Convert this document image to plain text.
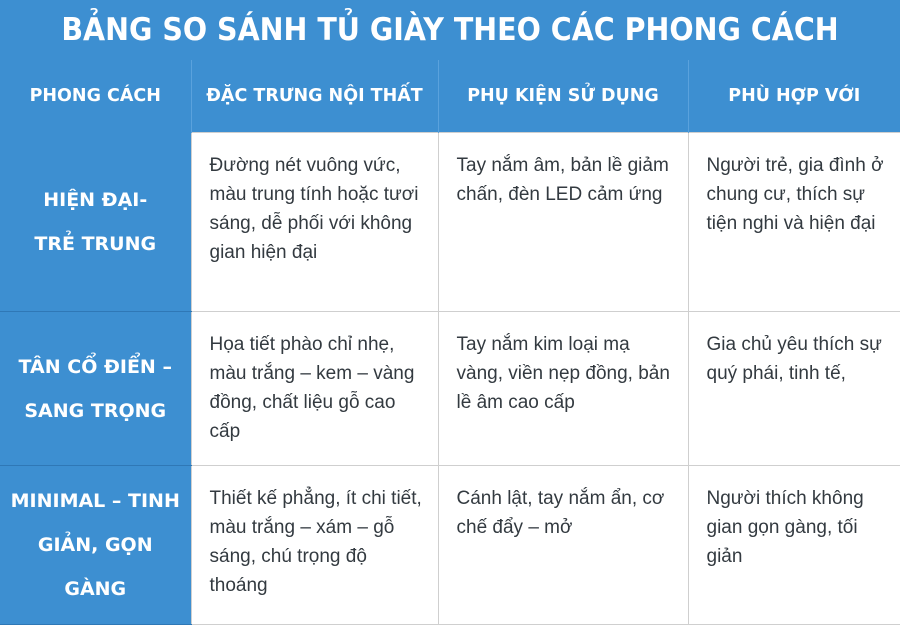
BẢNG SO SÁNH TỦ GIÀY THEO CÁC PHONG CÁCH
PHONG CÁCH	ĐẶC TRƯNG NỘI THẤT	PHỤ KIỆN SỬ DỤNG	PHÙ HỢP VỚI

HIỆN ĐẠI-
TRẺ TRUNG	Đường nét vuông vức, màu trung tính hoặc tươi sáng, dễ phối với không gian hiện đại	Tay nắm âm, bản lề giảm chấn, đèn LED cảm ứng	Người trẻ, gia đình ở chung cư, thích sự tiện nghi và hiện đại

TÂN CỔ ĐIỂN –
SANG TRỌNG	Họa tiết phào chỉ nhẹ, màu trắng – kem – vàng đồng, chất liệu gỗ cao cấp	Tay nắm kim loại mạ vàng, viền nẹp đồng, bản lề âm cao cấp	Gia chủ yêu thích sự quý phái, tinh tế,

MINIMAL – TINH
GIẢN, GỌN GÀNG	Thiết kế phẳng, ít chi tiết, màu trắng – xám – gỗ sáng, chú trọng độ thoáng	Cánh lật, tay nắm ẩn, cơ chế đẩy – mở	Người thích không gian gọn gàng, tối giản
